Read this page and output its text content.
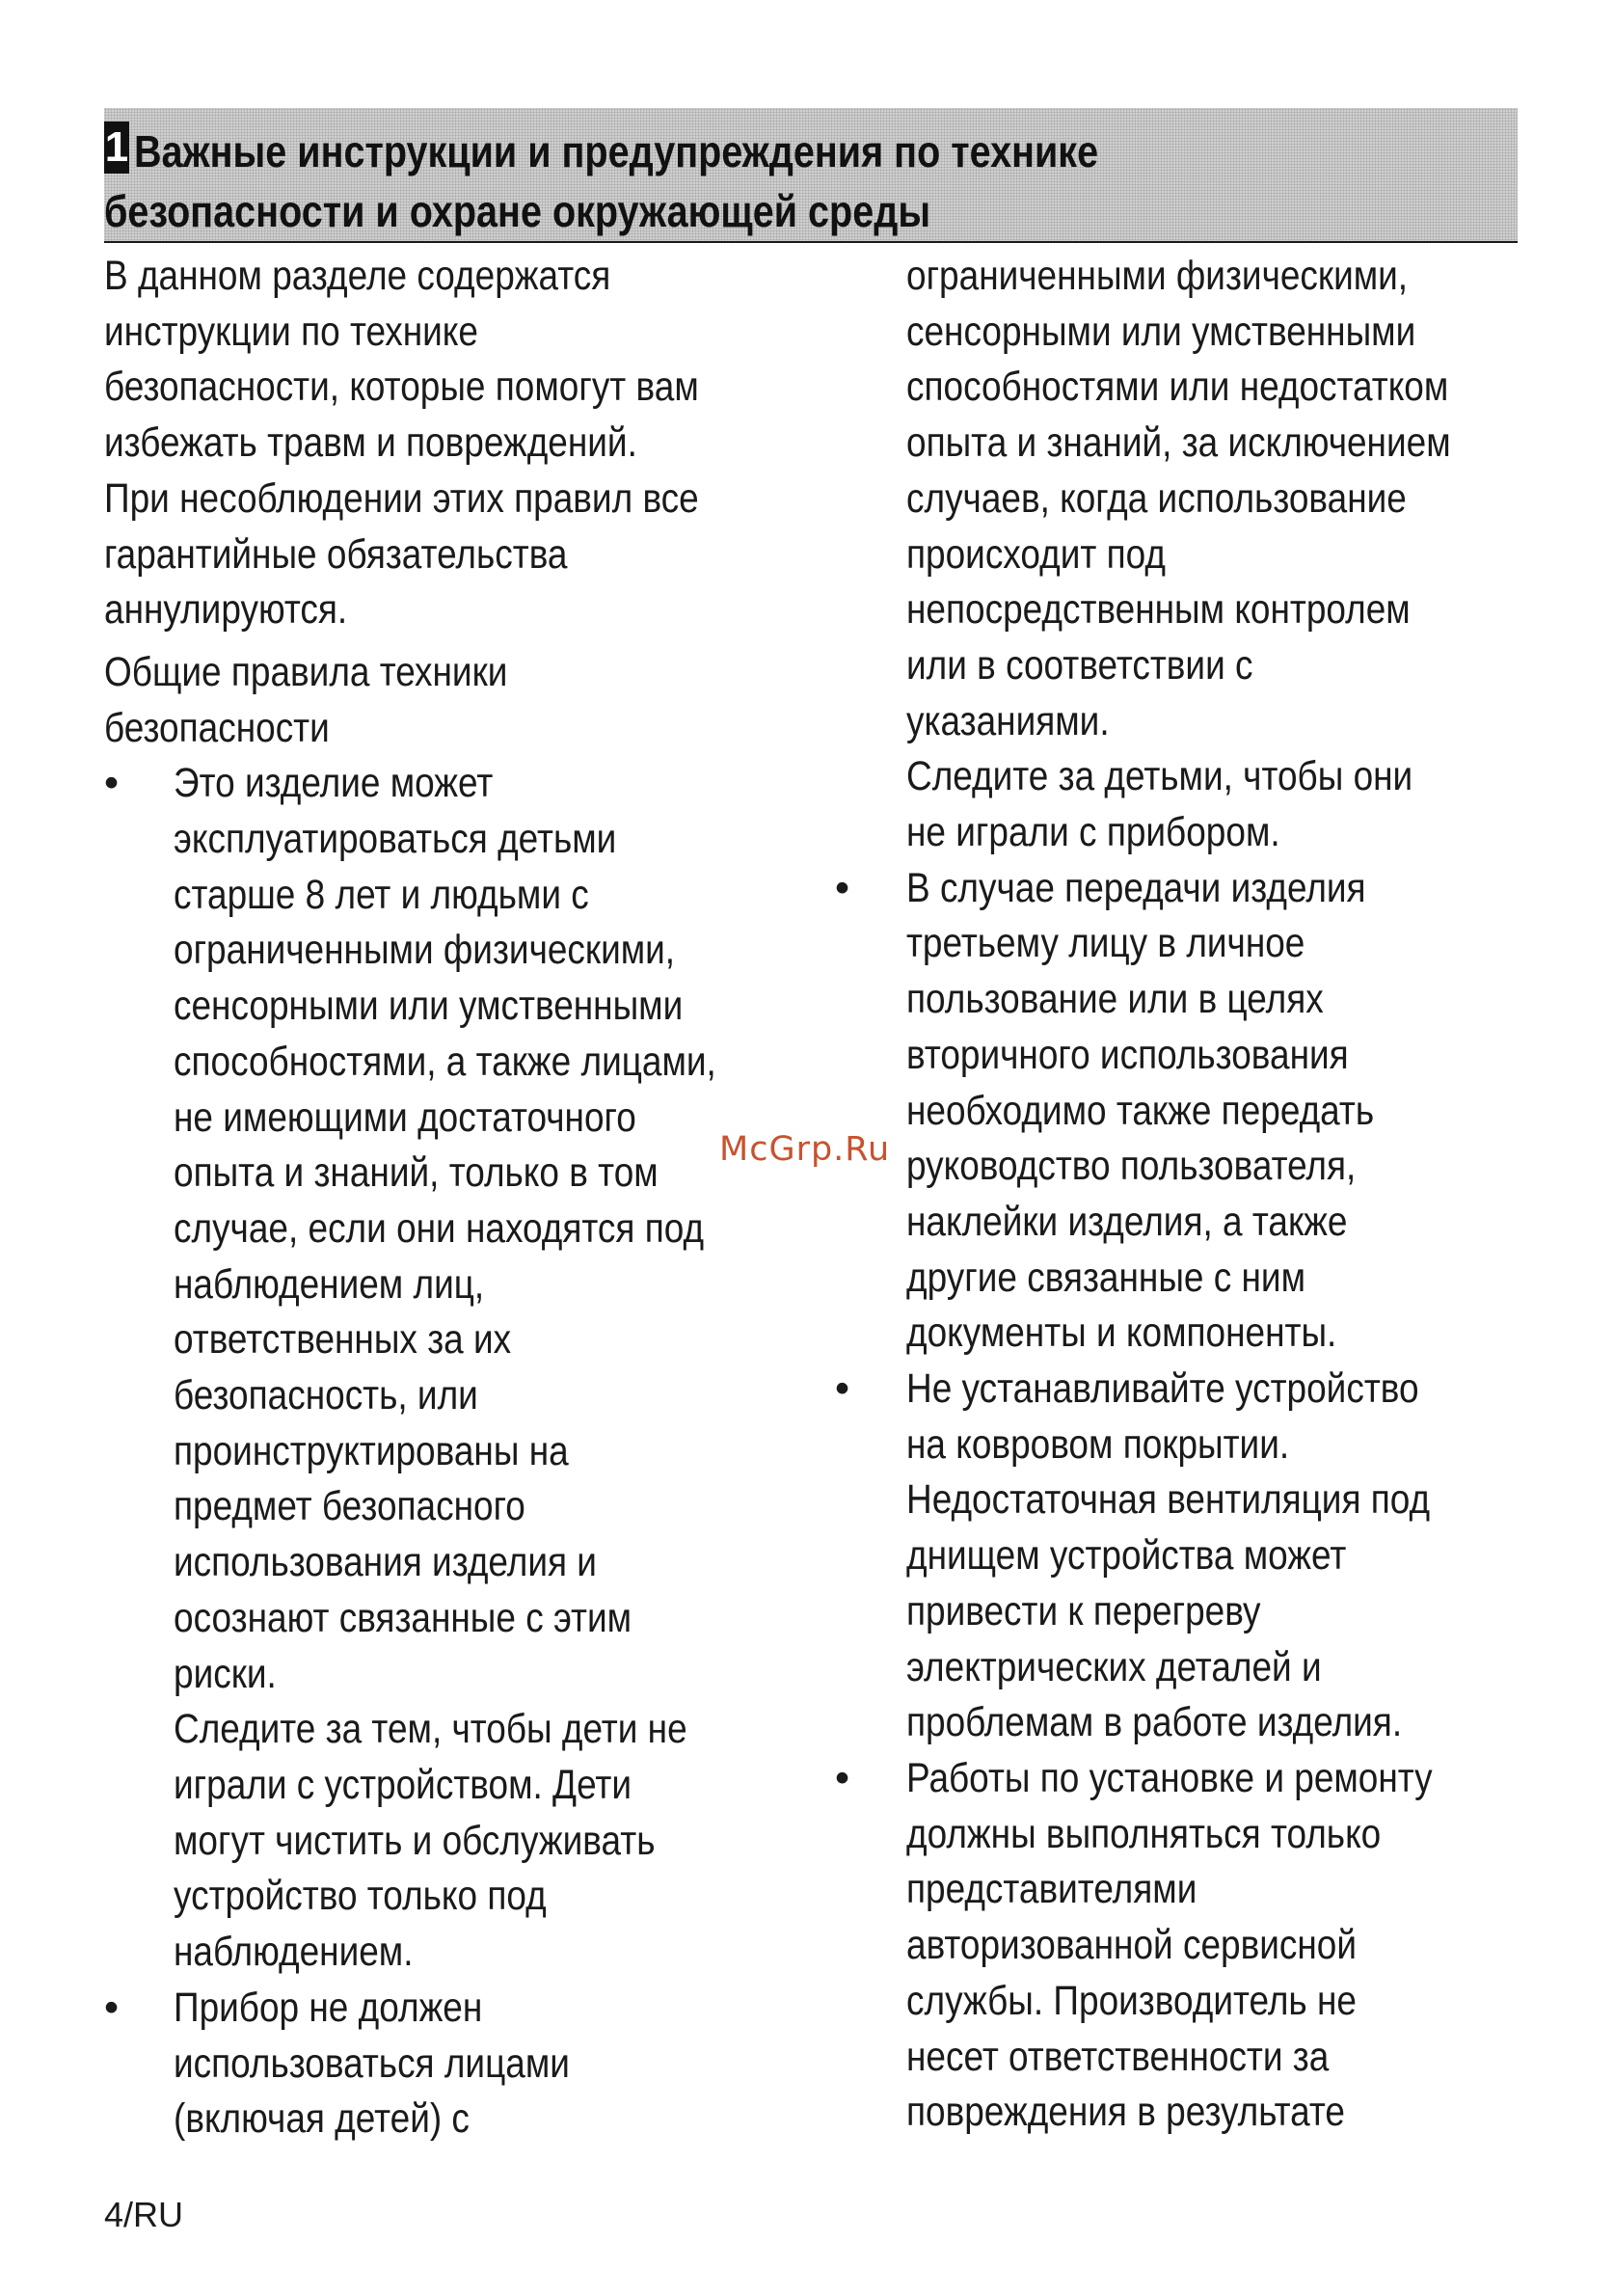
1 Важные инструкции и предупреждения по технике
безопасности и охране окружающей среды
В данном разделе содержатся
инструкции по технике
безопасности, которые помогут вам
избежать травм и повреждений.
При несоблюдении этих правил все
гарантийные обязательства
аннулируются.
Общие правила техники
безопасности
•	Это изделие может
эксплуатироваться детьми
старше 8 лет и людьми с
ограниченными физическими,
сенсорными или умственными
способностями, а также лицами,
не имеющими достаточного
опыта и знаний, только в том
случае, если они находятся под
наблюдением лиц,
ответственных за их
безопасность, или
проинструктированы на
предмет безопасного
использования изделия и
осознают связанные с этим
риски.
Следите за тем, чтобы дети не
играли с устройством. Дети
могут чистить и обслуживать
устройство только под
наблюдением.
•	Прибор не должен
использоваться лицами
(включая детей) с
ограниченными физическими,
сенсорными или умственными
способностями или недостатком
опыта и знаний, за исключением
случаев, когда использование
происходит под
непосредственным контролем
или в соответствии с
указаниями.
Следите за детьми, чтобы они
не играли с прибором.
•	В случае передачи изделия
третьему лицу в личное
пользование или в целях
вторичного использования
необходимо также передать
руководство пользователя,
наклейки изделия, а также
другие связанные с ним
документы и компоненты.
•	Не устанавливайте устройство
на ковровом покрытии.
Недостаточная вентиляция под
днищем устройства может
привести к перегреву
электрических деталей и
проблемам в работе изделия.
•	Работы по установке и ремонту
должны выполняться только
представителями
авторизованной сервисной
службы. Производитель не
несет ответственности за
повреждения в результате
McGrp.Ru
4/RU
